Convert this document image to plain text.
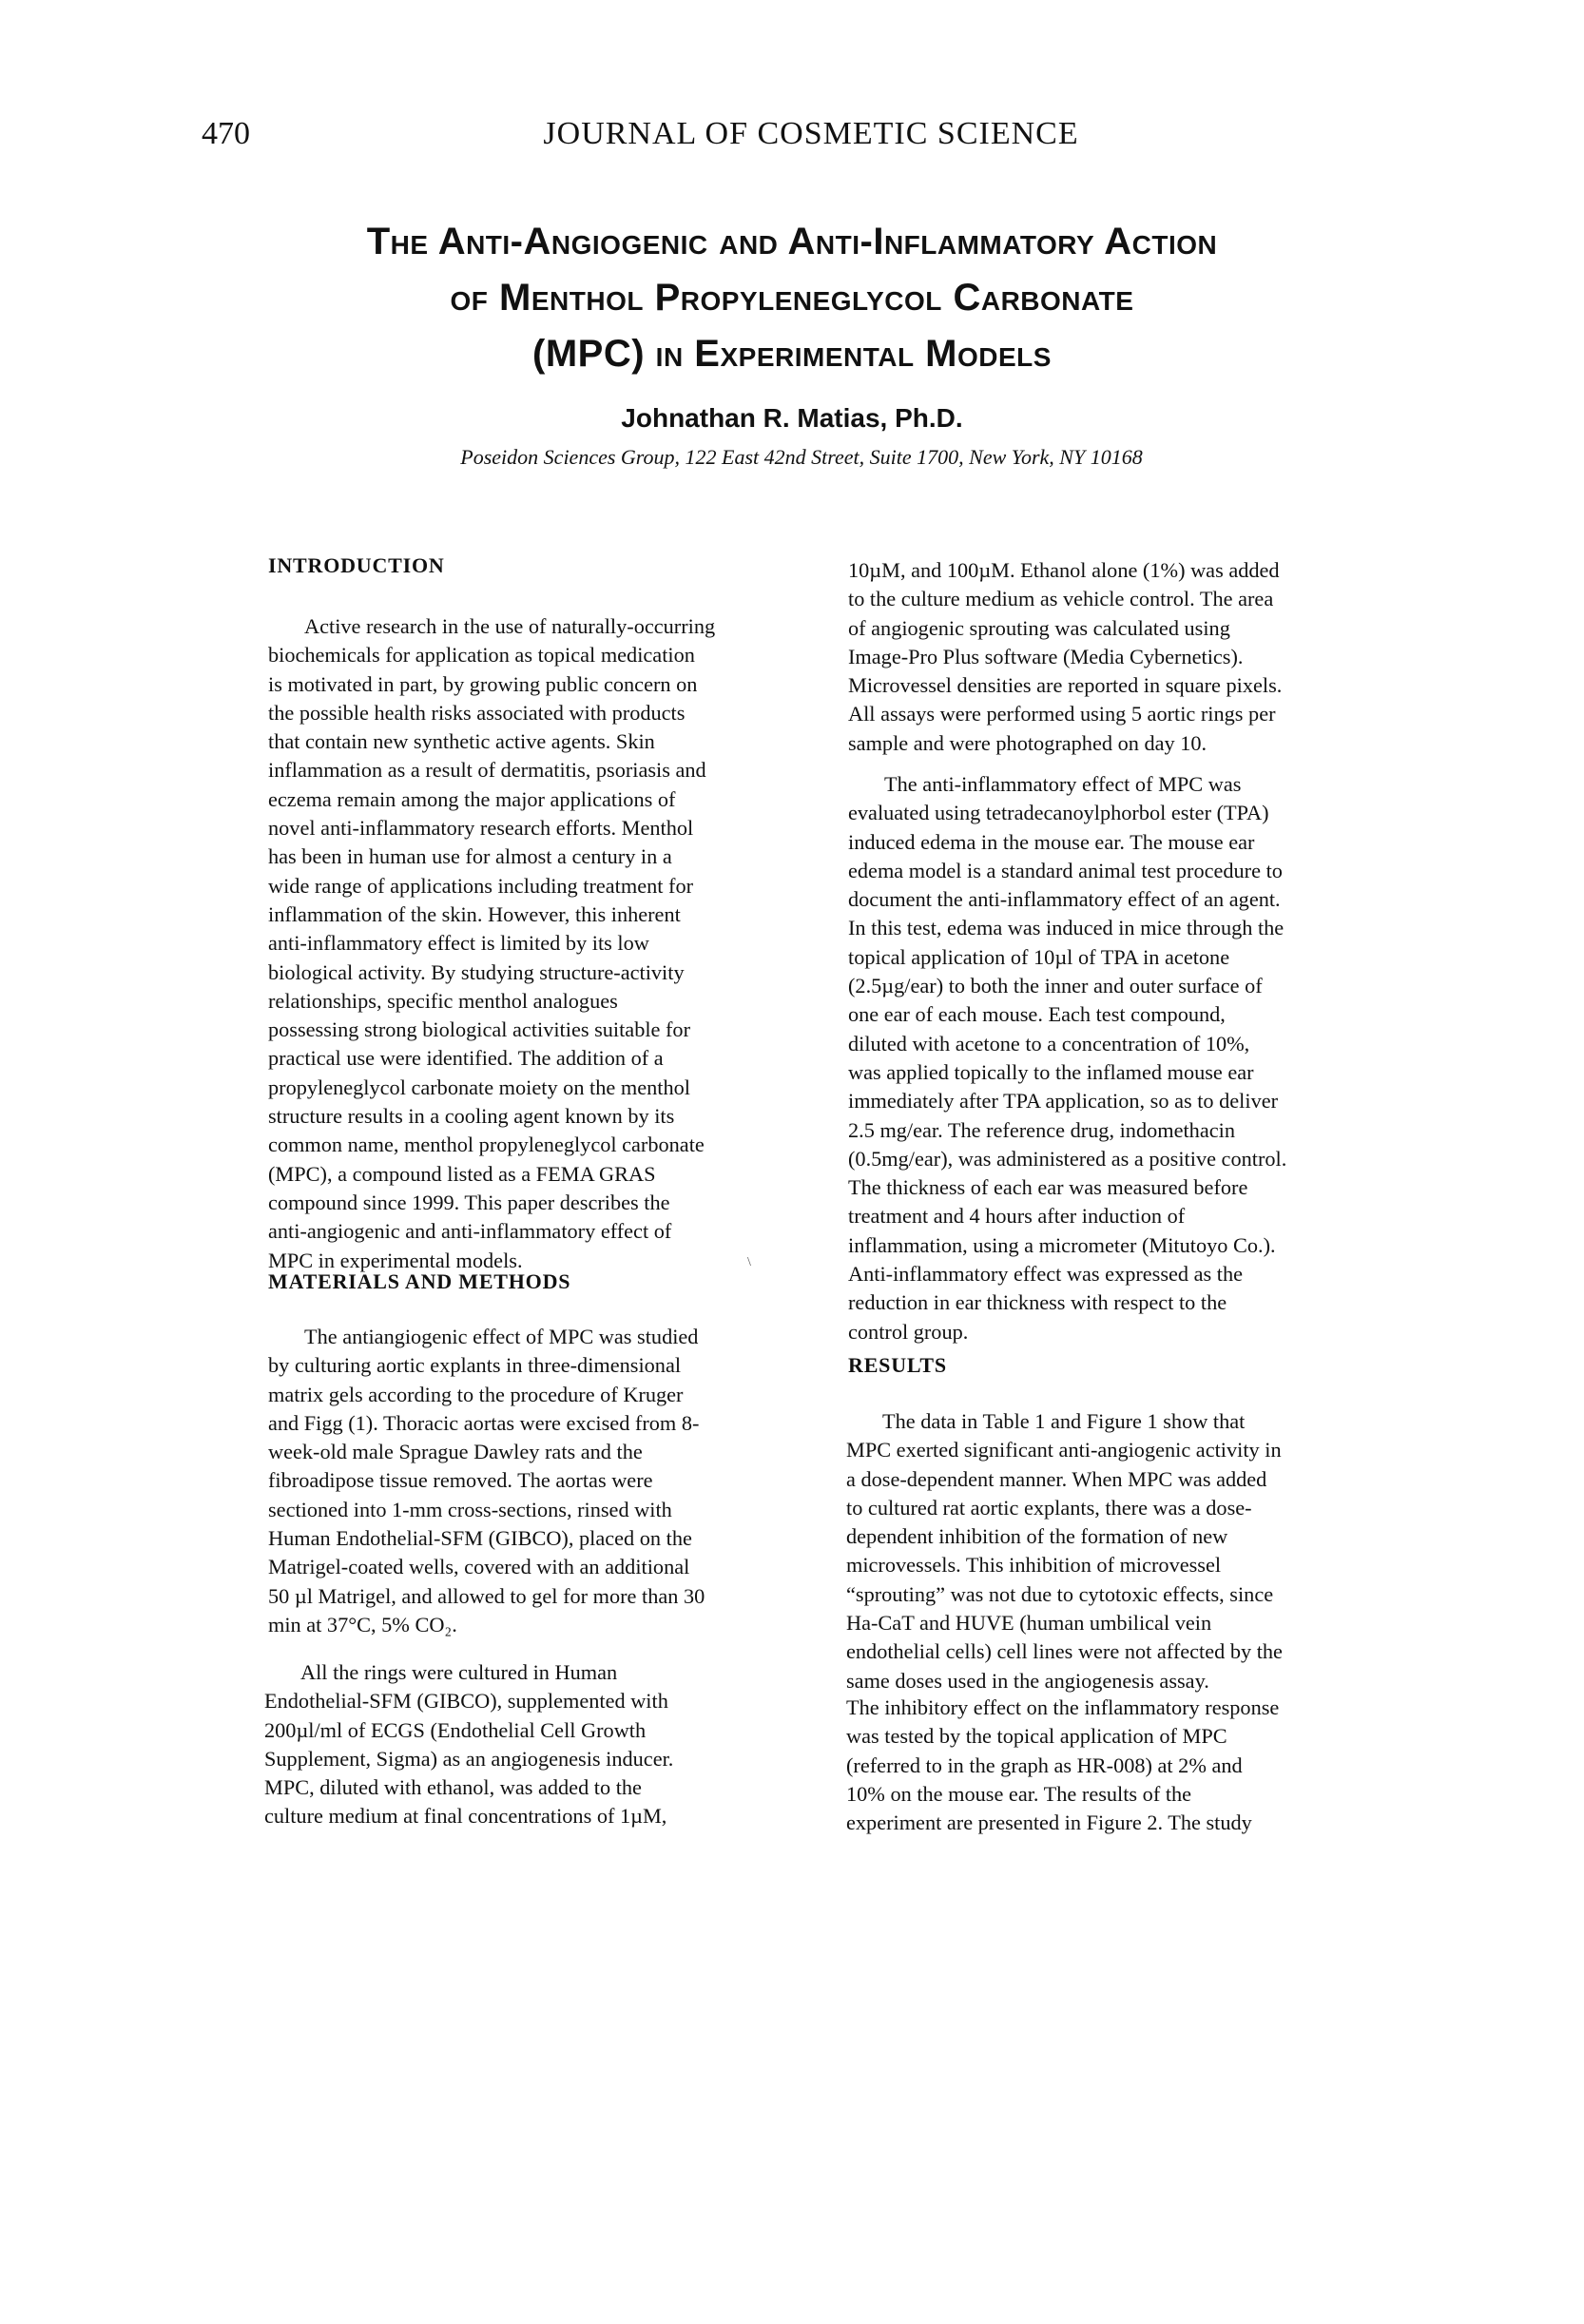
470	JOURNAL OF COSMETIC SCIENCE
The Anti-Angiogenic and Anti-Inflammatory Action
of Menthol Propyleneglycol Carbonate
(MPC) in Experimental Models
Johnathan R. Matias, Ph.D.
Poseidon Sciences Group, 122 East 42nd Street, Suite 1700, New York, NY 10168
INTRODUCTION
Active research in the use of naturally-occurring
biochemicals for application as topical medication
is motivated in part, by growing public concern on
the possible health risks associated with products
that contain new synthetic active agents. Skin
inflammation as a result of dermatitis, psoriasis and
eczema remain among the major applications of
novel anti-inflammatory research efforts. Menthol
has been in human use for almost a century in a
wide range of applications including treatment for
inflammation of the skin. However, this inherent
anti-inflammatory effect is limited by its low
biological activity. By studying structure-activity
relationships, specific menthol analogues
possessing strong biological activities suitable for
practical use were identified. The addition of a
propyleneglycol carbonate moiety on the menthol
structure results in a cooling agent known by its
common name, menthol propyleneglycol carbonate
(MPC), a compound listed as a FEMA GRAS
compound since 1999. This paper describes the
anti-angiogenic and anti-inflammatory effect of
MPC in experimental models.
MATERIALS AND METHODS
The antiangiogenic effect of MPC was studied
by culturing aortic explants in three-dimensional
matrix gels according to the procedure of Kruger
and Figg (1). Thoracic aortas were excised from 8-
week-old male Sprague Dawley rats and the
fibroadipose tissue removed. The aortas were
sectioned into 1-mm cross-sections, rinsed with
Human Endothelial-SFM (GIBCO), placed on the
Matrigel-coated wells, covered with an additional
50 µl Matrigel, and allowed to gel for more than 30
min at 37°C, 5% CO₂.
\
All the rings were cultured in Human
Endothelial-SFM (GIBCO), supplemented with
200µl/ml of ECGS (Endothelial Cell Growth
Supplement, Sigma) as an angiogenesis inducer.
MPC, diluted with ethanol, was added to the
culture medium at final concentrations of 1µM,
10µM, and 100µM. Ethanol alone (1%) was added
to the culture medium as vehicle control. The area
of angiogenic sprouting was calculated using
Image-Pro Plus software (Media Cybernetics).
Microvessel densities are reported in square pixels.
All assays were performed using 5 aortic rings per
sample and were photographed on day 10.
The anti-inflammatory effect of MPC was
evaluated using tetradecanoylphorbol ester (TPA)
induced edema in the mouse ear. The mouse ear
edema model is a standard animal test procedure to
document the anti-inflammatory effect of an agent.
In this test, edema was induced in mice through the
topical application of 10µl of TPA in acetone
(2.5µg/ear) to both the inner and outer surface of
one ear of each mouse. Each test compound,
diluted with acetone to a concentration of 10%,
was applied topically to the inflamed mouse ear
immediately after TPA application, so as to deliver
2.5 mg/ear. The reference drug, indomethacin
(0.5mg/ear), was administered as a positive control.
The thickness of each ear was measured before
treatment and 4 hours after induction of
inflammation, using a micrometer (Mitutoyo Co.).
Anti-inflammatory effect was expressed as the
reduction in ear thickness with respect to the
control group.
RESULTS
The data in Table 1 and Figure 1 show that
MPC exerted significant anti-angiogenic activity in
a dose-dependent manner. When MPC was added
to cultured rat aortic explants, there was a dose-
dependent inhibition of the formation of new
microvessels. This inhibition of microvessel
“sprouting” was not due to cytotoxic effects, since
Ha-CaT and HUVE (human umbilical vein
endothelial cells) cell lines were not affected by the
same doses used in the angiogenesis assay.
The inhibitory effect on the inflammatory response
was tested by the topical application of MPC
(referred to in the graph as HR-008) at 2% and
10% on the mouse ear. The results of the
experiment are presented in Figure 2. The study
